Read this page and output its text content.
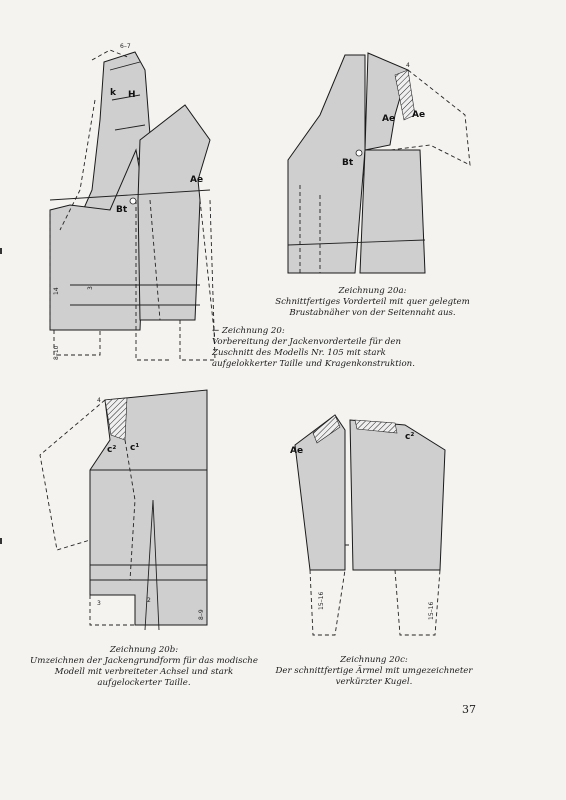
6–7
k H
Ae
Bt
14	3
8–10
Ae Ae
Bt
4
c² c¹
4
2
3
8–9
Ae
c²
15–16
15–16
Zeichnung 20a:
Schnittfertiges Vorderteil mit quer gelegtem Brustabnäher von der Seitennaht aus.
← Zeichnung 20:
Vorbereitung der Jackenvorderteile für den Zuschnitt des Modells Nr. 105 mit stark aufgelokkerter Taille und Kragenkonstruktion.
Zeichnung 20b:
Umzeichnen der Jackengrundform für das modische Modell mit verbreiteter Achsel und stark aufgelockerter Taille.
Zeichnung 20c:
Der schnittfertige Ärmel mit umgezeichneter verkürzter Kugel.
37
